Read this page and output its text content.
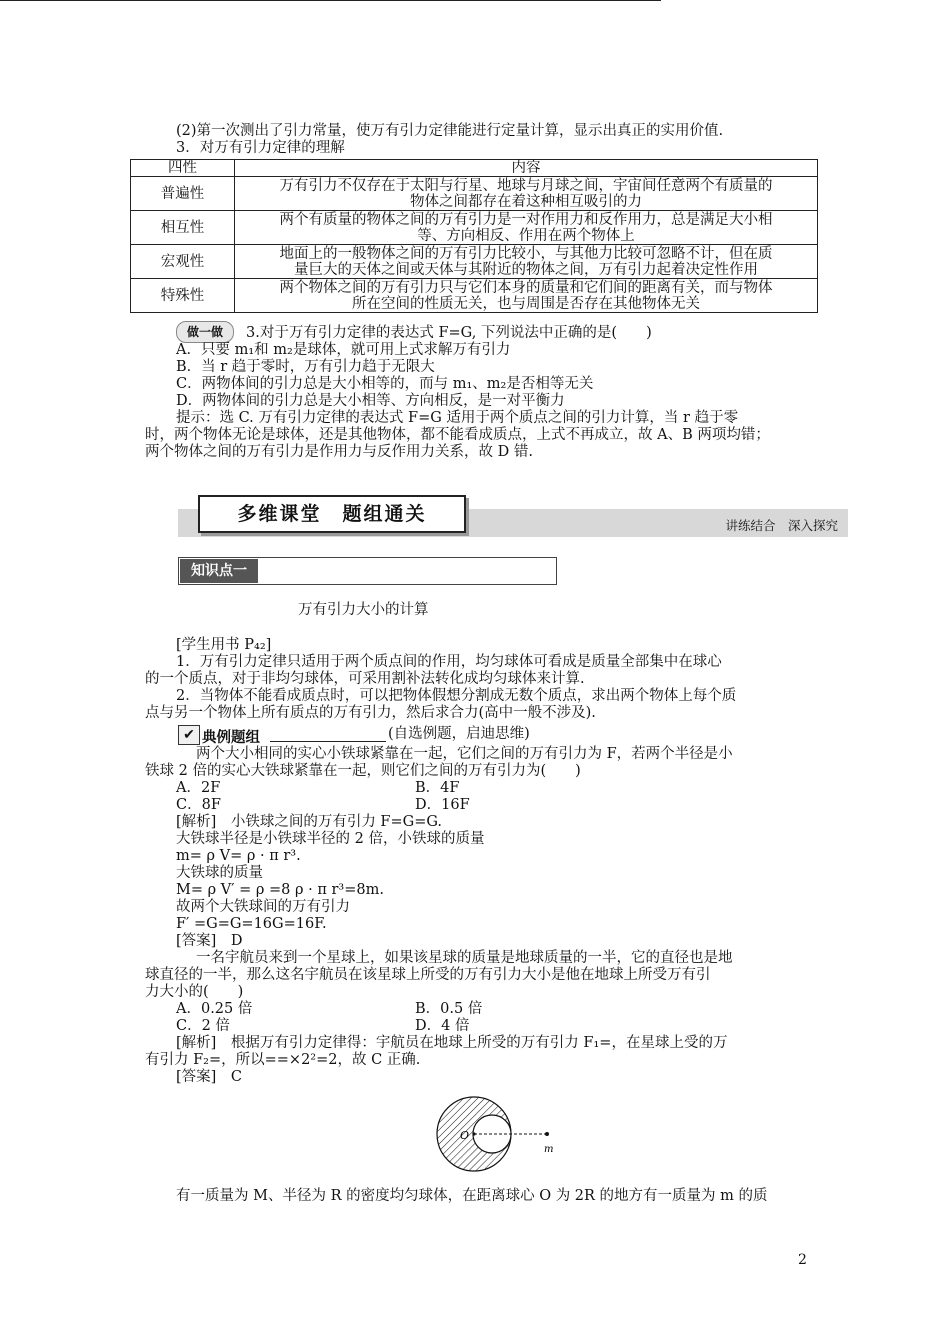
(2)第一次测出了引力常量，使万有引力定律能进行定量计算，显示出真正的实用价值.
3．对万有引力定律的理解
四性	内容
普遍性	万有引力不仅存在于太阳与行星、地球与月球之间，宇宙间任意两个有质量的
物体之间都存在着这种相互吸引的力
相互性	两个有质量的物体之间的万有引力是一对作用力和反作用力，总是满足大小相
等、方向相反、作用在两个物体上
宏观性	地面上的一般物体之间的万有引力比较小，与其他力比较可忽略不计，但在质
量巨大的天体之间或天体与其附近的物体之间，万有引力起着决定性作用
特殊性	两个物体之间的万有引力只与它们本身的质量和它们间的距离有关，而与物体
所在空间的性质无关，也与周围是否存在其他物体无关
做一做	3.对于万有引力定律的表达式 F=G, 下列说法中正确的是(　　)
A．只要 m₁和 m₂是球体，就可用上式求解万有引力
B．当 r 趋于零时，万有引力趋于无限大
C．两物体间的引力总是大小相等的，而与 m₁、m₂是否相等无关
D．两物体间的引力总是大小相等、方向相反，是一对平衡力
提示：选 C. 万有引力定律的表达式 F=G 适用于两个质点之间的引力计算，当 r 趋于零
时，两个物体无论是球体，还是其他物体，都不能看成质点，上式不再成立，故 A、B 两项均错；
两个物体之间的万有引力是作用力与反作用力关系，故 D 错.
多维课堂　题组通关
讲练结合　深入探究
知识点一
万有引力大小的计算
[学生用书 P₄₂]
1．万有引力定律只适用于两个质点间的作用，均匀球体可看成是质量全部集中在球心
的一个质点，对于非均匀球体，可采用割补法转化成均匀球体来计算.
2．当物体不能看成质点时，可以把物体假想分割成无数个质点，求出两个物体上每个质
点与另一个物体上所有质点的万有引力，然后求合力(高中一般不涉及).
✔ 典例题组	(自选例题，启迪思维)
两个大小相同的实心小铁球紧靠在一起，它们之间的万有引力为 F，若两个半径是小
铁球 2 倍的实心大铁球紧靠在一起，则它们之间的万有引力为(　　)
A．2F	B．4F
C．8F	D．16F
[解析]　小铁球之间的万有引力 F=G=G.
大铁球半径是小铁球半径的 2 倍，小铁球的质量
m= ρ V= ρ · π r³.
大铁球的质量
M= ρ V′ = ρ =8 ρ · π r³=8m.
故两个大铁球间的万有引力
F′ =G=G=16G=16F.
[答案]　D
一名宇航员来到一个星球上，如果该星球的质量是地球质量的一半，它的直径也是地
球直径的一半，那么这名宇航员在该星球上所受的万有引力大小是他在地球上所受万有引
力大小的(　　)
A．0.25 倍	B．0.5 倍
C．2 倍	D．4 倍
[解析]　根据万有引力定律得：宇航员在地球上所受的万有引力 F₁=，在星球上受的万
有引力 F₂=，所以==×2²=2，故 C 正确.
[答案]　C
O
m
有一质量为 M、半径为 R 的密度均匀球体，在距离球心 O 为 2R 的地方有一质量为 m 的质
2
